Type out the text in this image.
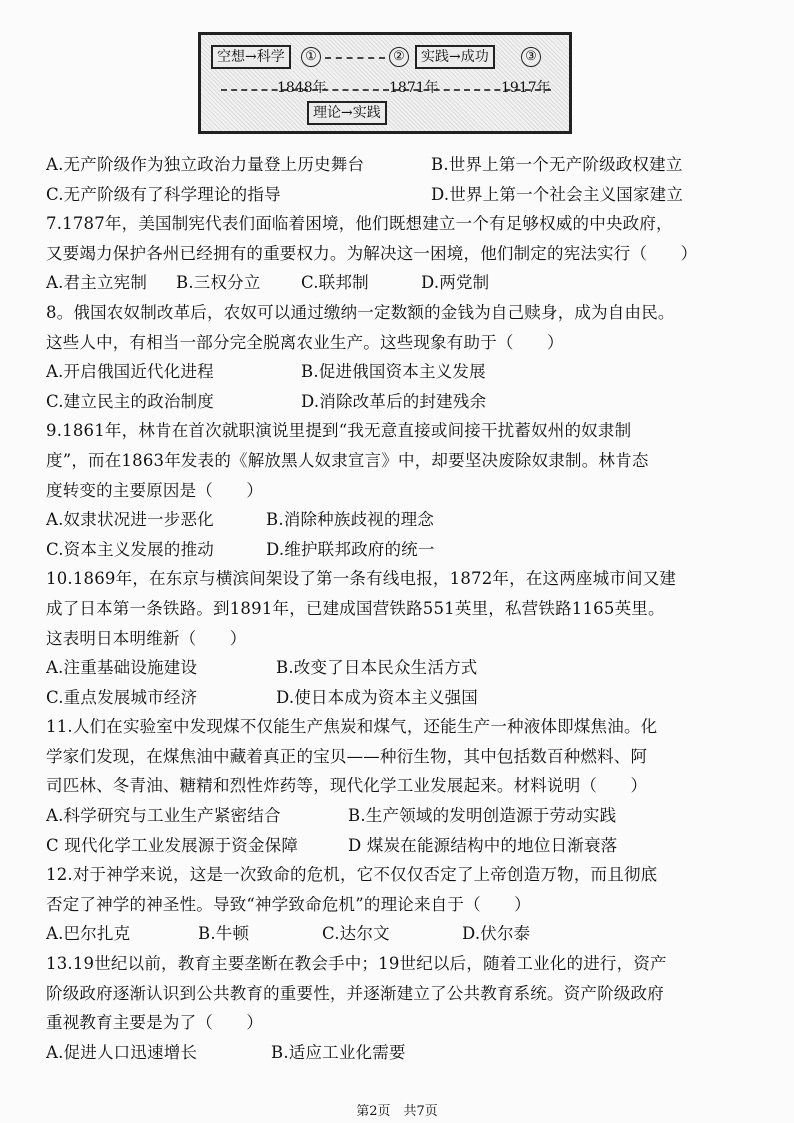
空想→科学	①	②	实践→成功	③
1848年	1871年	1917年
理论→实践
A.无产阶级作为独立政治力量登上历史舞台	B.世界上第一个无产阶级政权建立
C.无产阶级有了科学理论的指导	D.世界上第一个社会主义国家建立
7.1787年，美国制宪代表们面临着困境，他们既想建立一个有足够权威的中央政府，
又要竭力保护各州已经拥有的重要权力。为解决这一困境，他们制定的宪法实行（　　）
A.君主立宪制	B.三权分立	C.联邦制	D.两党制
8。俄国农奴制改革后，农奴可以通过缴纳一定数额的金钱为自己赎身，成为自由民。
这些人中，有相当一部分完全脱离农业生产。这些现象有助于（　　）
A.开启俄国近代化进程	B.促进俄国资本主义发展
C.建立民主的政治制度	D.消除改革后的封建残余
9.1861年，林肯在首次就职演说里提到“我无意直接或间接干扰蓄奴州的奴隶制
度”，而在1863年发表的《解放黑人奴隶宣言》中，却要坚决废除奴隶制。林肯态
度转变的主要原因是（　　）
A.奴隶状况进一步恶化	B.消除种族歧视的理念
C.资本主义发展的推动	D.维护联邦政府的统一
10.1869年，在东京与横滨间架设了第一条有线电报，1872年，在这两座城市间又建
成了日本第一条铁路。到1891年，已建成国营铁路551英里，私营铁路1165英里。
这表明日本明维新（　　）
A.注重基础设施建设	B.改变了日本民众生活方式
C.重点发展城市经济	D.使日本成为资本主义强国
11.人们在实验室中发现煤不仅能生产焦炭和煤气，还能生产一种液体即煤焦油。化
学家们发现，在煤焦油中藏着真正的宝贝——种衍生物，其中包括数百种燃料、阿
司匹林、冬青油、糖精和烈性炸药等，现代化学工业发展起来。材料说明（　　）
A.科学研究与工业生产紧密结合	B.生产领域的发明创造源于劳动实践
C 现代化学工业发展源于资金保障	D 煤炭在能源结构中的地位日渐衰落
12.对于神学来说，这是一次致命的危机，它不仅仅否定了上帝创造万物，而且彻底
否定了神学的神圣性。导致“神学致命危机”的理论来自于（　　）
A.巴尔扎克	B.牛顿	C.达尔文	D.伏尔泰
13.19世纪以前，教育主要垄断在教会手中；19世纪以后，随着工业化的进行，资产
阶级政府逐渐认识到公共教育的重要性，并逐渐建立了公共教育系统。资产阶级政府
重视教育主要是为了（　　）
A.促进人口迅速增长	B.适应工业化需要
第2页　共7页
